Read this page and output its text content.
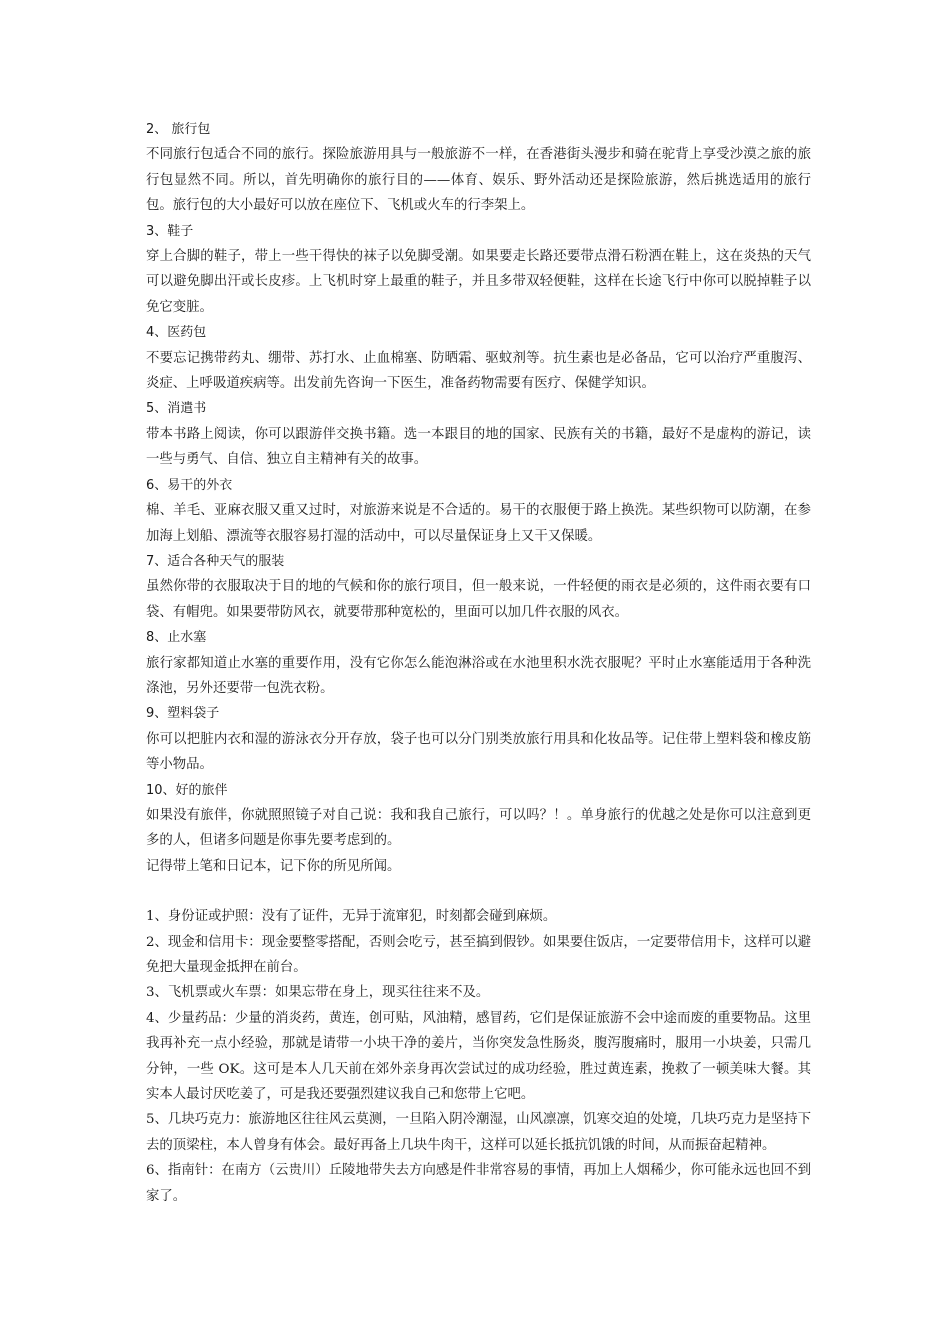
2、 旅行包

不同旅行包适合不同的旅行。探险旅游用具与一般旅游不一样，在香港街头漫步和骑在驼背上享受沙漠之旅的旅行包显然不同。所以，首先明确你的旅行目的——体育、娱乐、野外活动还是探险旅游，然后挑选适用的旅行包。旅行包的大小最好可以放在座位下、飞机或火车的行李架上。

3、鞋子

穿上合脚的鞋子，带上一些干得快的袜子以免脚受潮。如果要走长路还要带点滑石粉洒在鞋上，这在炎热的天气可以避免脚出汗或长皮疹。上飞机时穿上最重的鞋子，并且多带双轻便鞋，这样在长途飞行中你可以脱掉鞋子以免它变脏。

4、医药包

不要忘记携带药丸、绷带、苏打水、止血棉塞、防晒霜、驱蚊剂等。抗生素也是必备品，它可以治疗严重腹泻、炎症、上呼吸道疾病等。出发前先咨询一下医生，准备药物需要有医疗、保健学知识。

5、消遣书

带本书路上阅读，你可以跟游伴交换书籍。选一本跟目的地的国家、民族有关的书籍，最好不是虚构的游记，读一些与勇气、自信、独立自主精神有关的故事。

6、易干的外衣

棉、羊毛、亚麻衣服又重又过时，对旅游来说是不合适的。易干的衣服便于路上换洗。某些织物可以防潮，在参加海上划船、漂流等衣服容易打湿的活动中，可以尽量保证身上又干又保暖。

7、适合各种天气的服装

虽然你带的衣服取决于目的地的气候和你的旅行项目，但一般来说，一件轻便的雨衣是必须的，这件雨衣要有口袋、有帽兜。如果要带防风衣，就要带那种宽松的，里面可以加几件衣服的风衣。

8、止水塞

旅行家都知道止水塞的重要作用，没有它你怎么能泡淋浴或在水池里积水洗衣服呢？平时止水塞能适用于各种洗涤池，另外还要带一包洗衣粉。

9、塑料袋子

你可以把脏内衣和湿的游泳衣分开存放，袋子也可以分门别类放旅行用具和化妆品等。记住带上塑料袋和橡皮筋等小物品。

10、好的旅伴

如果没有旅伴，你就照照镜子对自己说：我和我自己旅行，可以吗？！。单身旅行的优越之处是你可以注意到更多的人，但诸多问题是你事先要考虑到的。

记得带上笔和日记本，记下你的所见所闻。

1、身份证或护照：没有了证件，无异于流窜犯，时刻都会碰到麻烦。

2、现金和信用卡：现金要整零搭配，否则会吃亏，甚至搞到假钞。如果要住饭店，一定要带信用卡，这样可以避免把大量现金抵押在前台。

3、飞机票或火车票：如果忘带在身上，现买往往来不及。

4、少量药品：少量的消炎药，黄连，创可贴，风油精，感冒药，它们是保证旅游不会中途而废的重要物品。这里我再补充一点小经验，那就是请带一小块干净的姜片，当你突发急性肠炎，腹泻腹痛时，服用一小块姜，只需几分钟，一些 OK。这可是本人几天前在郊外亲身再次尝试过的成功经验，胜过黄连素，挽救了一顿美味大餐。其实本人最讨厌吃姜了，可是我还要强烈建议我自己和您带上它吧。

5、几块巧克力：旅游地区往往风云莫测，一旦陷入阴冷潮湿，山风凛凛，饥寒交迫的处境，几块巧克力是坚持下去的顶梁柱，本人曾身有体会。最好再备上几块牛肉干，这样可以延长抵抗饥饿的时间，从而振奋起精神。

6、指南针：在南方（云贵川）丘陵地带失去方向感是件非常容易的事情，再加上人烟稀少，你可能永远也回不到家了。
